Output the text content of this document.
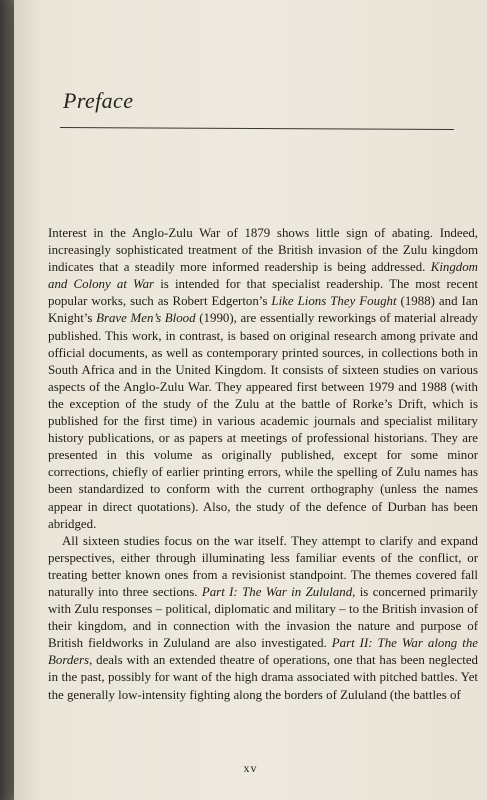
Preface

Interest in the Anglo-Zulu War of 1879 shows little sign of abating. Indeed, increasingly sophisticated treatment of the British invasion of the Zulu kingdom indicates that a steadily more informed readership is being addressed. Kingdom and Colony at War is intended for that specialist readership. The most recent popular works, such as Robert Edgerton’s Like Lions They Fought (1988) and Ian Knight’s Brave Men’s Blood (1990), are essentially reworkings of material already published. This work, in contrast, is based on original research among private and official documents, as well as contemporary printed sources, in collections both in South Africa and in the United Kingdom. It consists of sixteen studies on various aspects of the Anglo-Zulu War. They appeared first between 1979 and 1988 (with the exception of the study of the Zulu at the battle of Rorke’s Drift, which is published for the first time) in various academic journals and specialist military history publications, or as papers at meetings of professional historians. They are presented in this volume as originally published, except for some minor corrections, chiefly of earlier printing errors, while the spelling of Zulu names has been standardized to conform with the current orthography (unless the names appear in direct quotations). Also, the study of the defence of Durban has been abridged.

All sixteen studies focus on the war itself. They attempt to clarify and expand perspectives, either through illuminating less familiar events of the conflict, or treating better known ones from a revisionist standpoint. The themes covered fall naturally into three sections. Part I: The War in Zululand, is concerned primarily with Zulu responses – political, diplomatic and military – to the British invasion of their kingdom, and in connection with the invasion the nature and purpose of British fieldworks in Zululand are also investigated. Part II: The War along the Borders, deals with an extended theatre of operations, one that has been neglected in the past, possibly for want of the high drama associated with pitched battles. Yet the generally low-intensity fighting along the borders of Zululand (the battles of

xv
